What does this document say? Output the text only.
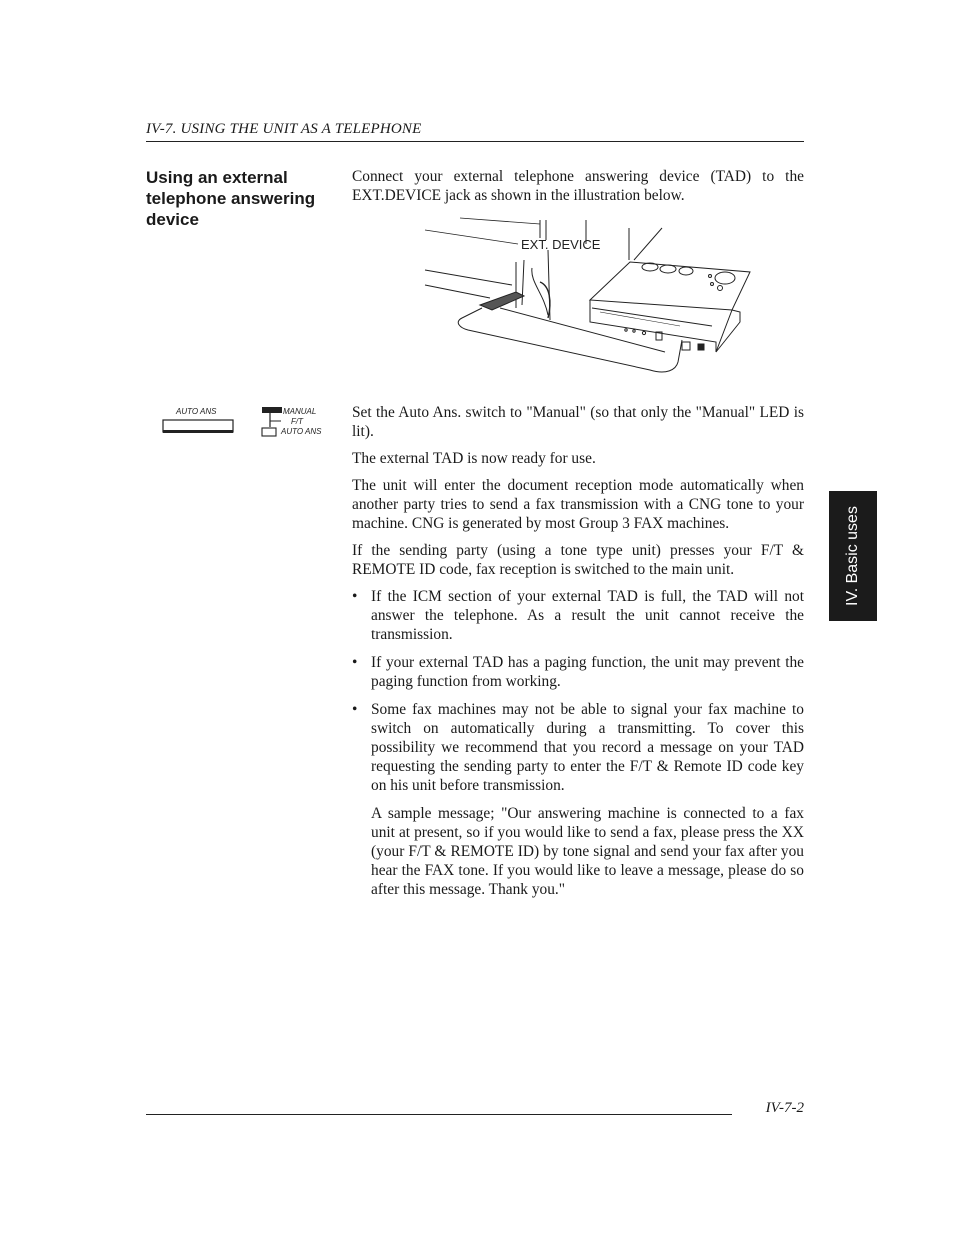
IV-7. USING THE UNIT AS A TELEPHONE
Using an external telephone answering device
Connect your external telephone answering device (TAD) to the EXT.DEVICE jack as shown in the illustration below.
EXT. DEVICE
AUTO ANS	MANUAL
F/T
AUTO ANS

Set the Auto Ans. switch to "Manual" (so that only the "Manual" LED is lit).

The external TAD is now ready for use.

The unit will enter the document reception mode automatically when another party tries to send a fax transmission with a CNG tone to your machine. CNG is generated by most Group 3 FAX machines.

If the sending party (using a tone type unit) presses your F/T & REMOTE ID code, fax reception is switched to the main unit.

• If the ICM section of your external TAD is full, the TAD will not answer the telephone. As a result the unit cannot receive the transmission.
• If your external TAD has a paging function, the unit may prevent the paging function from working.
• Some fax machines may not be able to signal your fax machine to switch on automatically during a transmitting. To cover this possibility we recommend that you record a message on your TAD requesting the sending party to enter the F/T & Remote ID code key on his unit before transmission.
A sample message; "Our answering machine is connected to a fax unit at present, so if you would like to send a fax, please press the XX (your F/T & REMOTE ID) by tone signal and send your fax after you hear the FAX tone. If you would like to leave a message, please do so after this message. Thank you."
IV. Basic uses
IV-7-2
